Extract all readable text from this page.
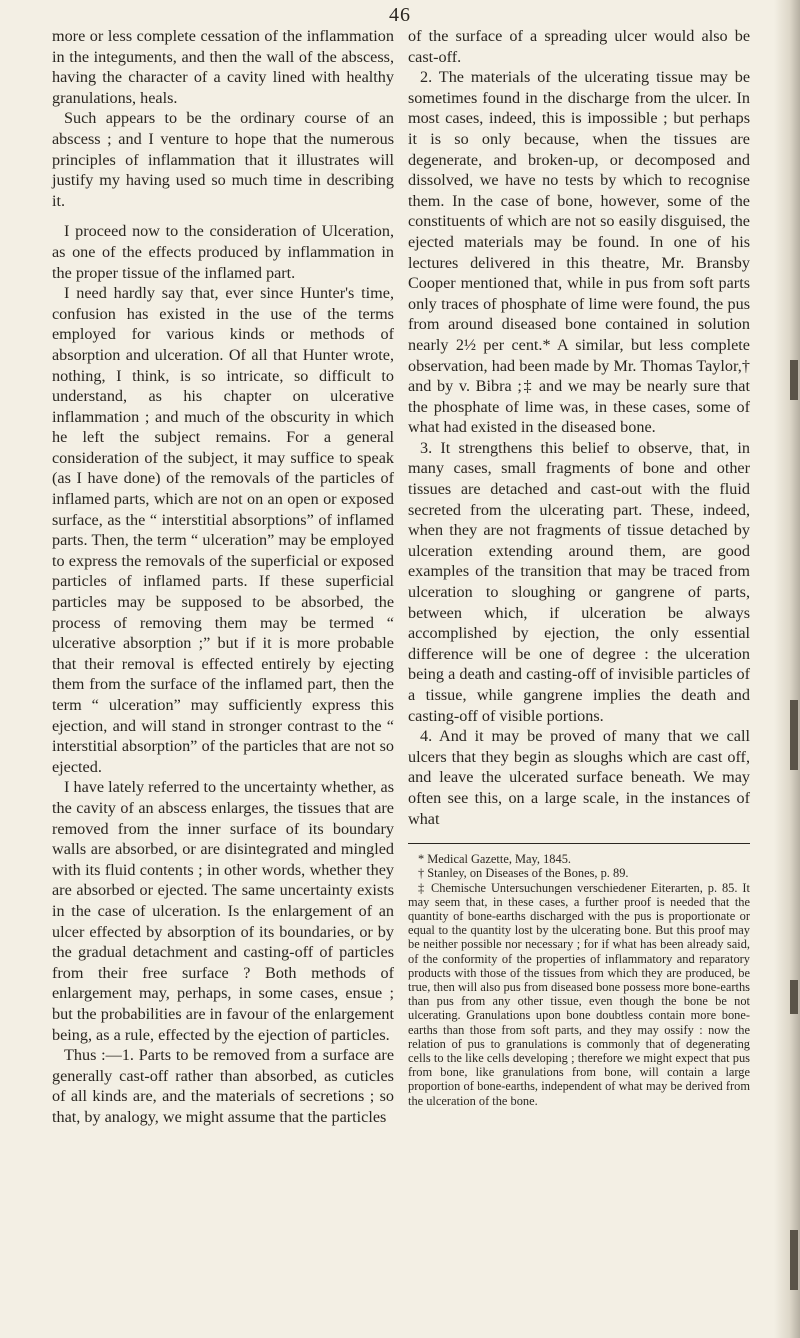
46

more or less complete cessation of the inflammation in the integuments, and then the wall of the abscess, having the character of a cavity lined with healthy granulations, heals.

Such appears to be the ordinary course of an abscess ; and I venture to hope that the numerous principles of inflammation that it illustrates will justify my having used so much time in describing it.

I proceed now to the consideration of Ulceration, as one of the effects produced by inflammation in the proper tissue of the inflamed part.

I need hardly say that, ever since Hunter's time, confusion has existed in the use of the terms employed for various kinds or methods of absorption and ulceration. Of all that Hunter wrote, nothing, I think, is so intricate, so difficult to understand, as his chapter on ulcerative inflammation ; and much of the obscurity in which he left the subject remains. For a general consideration of the subject, it may suffice to speak (as I have done) of the removals of the particles of inflamed parts, which are not on an open or exposed surface, as the “ interstitial absorptions” of inflamed parts. Then, the term “ ulceration” may be employed to express the removals of the superficial or exposed particles of inflamed parts. If these superficial particles may be supposed to be absorbed, the process of removing them may be termed “ ulcerative absorption ;” but if it is more probable that their removal is effected entirely by ejecting them from the surface of the inflamed part, then the term “ ulceration” may sufficiently express this ejection, and will stand in stronger contrast to the “ interstitial absorption” of the particles that are not so ejected.

I have lately referred to the uncertainty whether, as the cavity of an abscess enlarges, the tissues that are removed from the inner surface of its boundary walls are absorbed, or are disintegrated and mingled with its fluid contents ; in other words, whether they are absorbed or ejected. The same uncertainty exists in the case of ulceration. Is the enlargement of an ulcer effected by absorption of its boundaries, or by the gradual detachment and casting-off of particles from their free surface ? Both methods of enlargement may, perhaps, in some cases, ensue ; but the probabilities are in favour of the enlargement being, as a rule, effected by the ejection of particles.

Thus :—1. Parts to be removed from a surface are generally cast-off rather than absorbed, as cuticles of all kinds are, and the materials of secretions ; so that, by analogy, we might assume that the particles

of the surface of a spreading ulcer would also be cast-off.

2. The materials of the ulcerating tissue may be sometimes found in the discharge from the ulcer. In most cases, indeed, this is impossible ; but perhaps it is so only because, when the tissues are degenerate, and broken-up, or decomposed and dissolved, we have no tests by which to recognise them. In the case of bone, however, some of the constituents of which are not so easily disguised, the ejected materials may be found. In one of his lectures delivered in this theatre, Mr. Bransby Cooper mentioned that, while in pus from soft parts only traces of phosphate of lime were found, the pus from around diseased bone contained in solution nearly 2½ per cent.* A similar, but less complete observation, had been made by Mr. Thomas Taylor,† and by v. Bibra ;‡ and we may be nearly sure that the phosphate of lime was, in these cases, some of what had existed in the diseased bone.

3. It strengthens this belief to observe, that, in many cases, small fragments of bone and other tissues are detached and cast-out with the fluid secreted from the ulcerating part. These, indeed, when they are not fragments of tissue detached by ulceration extending around them, are good examples of the transition that may be traced from ulceration to sloughing or gangrene of parts, between which, if ulceration be always accomplished by ejection, the only essential difference will be one of degree : the ulceration being a death and casting-off of invisible particles of a tissue, while gangrene implies the death and casting-off of visible portions.

4. And it may be proved of many that we call ulcers that they begin as sloughs which are cast off, and leave the ulcerated surface beneath. We may often see this, on a large scale, in the instances of what

* Medical Gazette, May, 1845.

† Stanley, on Diseases of the Bones, p. 89.

‡ Chemische Untersuchungen verschiedener Eiterarten, p. 85. It may seem that, in these cases, a further proof is needed that the quantity of bone-earths discharged with the pus is proportionate or equal to the quantity lost by the ulcerating bone. But this proof may be neither possible nor necessary ; for if what has been already said, of the conformity of the properties of inflammatory and reparatory products with those of the tissues from which they are produced, be true, then will also pus from diseased bone possess more bone-earths than pus from any other tissue, even though the bone be not ulcerating. Granulations upon bone doubtless contain more bone-earths than those from soft parts, and they may ossify : now the relation of pus to granulations is commonly that of degenerating cells to the like cells developing ; therefore we might expect that pus from bone, like granulations from bone, will contain a large proportion of bone-earths, independent of what may be derived from the ulceration of the bone.
